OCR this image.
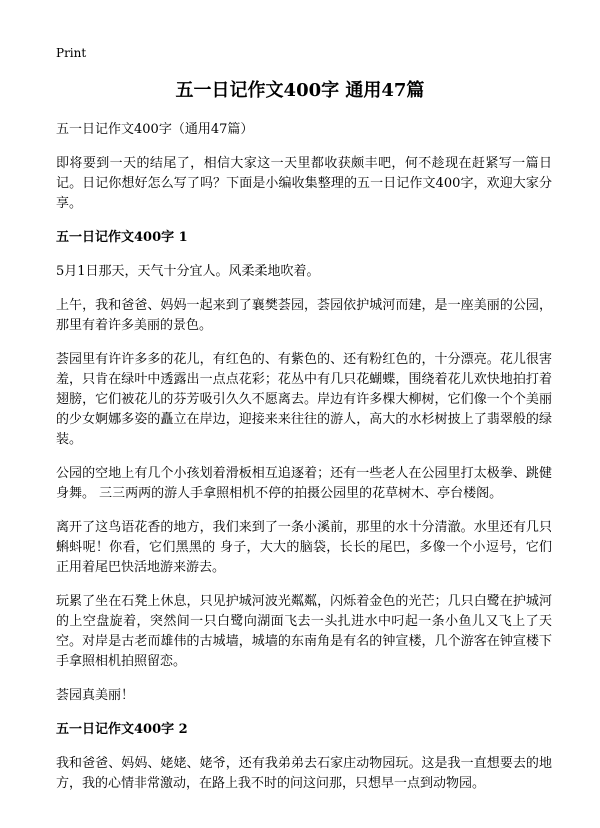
Print
五一日记作文400字 通用47篇
五一日记作文400字（通用47篇）
即将要到一天的结尾了，相信大家这一天里都收获颇丰吧，何不趁现在赶紧写一篇日记。日记你想好怎么写了吗？下面是小编收集整理的五一日记作文400字，欢迎大家分享。
五一日记作文400字 1
5月1日那天，天气十分宜人。风柔柔地吹着。
上午，我和爸爸、妈妈一起来到了襄樊荟园，荟园依护城河而建，是一座美丽的公园，那里有着许多美丽的景色。
荟园里有许许多多的花儿，有红色的、有紫色的、还有粉红色的，十分漂亮。花儿很害羞，只肯在绿叶中透露出一点点花彩；花丛中有几只花蝴蝶，围绕着花儿欢快地拍打着翅膀，它们被花儿的芬芳吸引久久不愿离去。岸边有许多棵大柳树，它们像一个个美丽的少女婀娜多姿的矗立在岸边，迎接来来往往的游人，高大的水杉树披上了翡翠般的绿装。
公园的空地上有几个小孩划着滑板相互追逐着；还有一些老人在公园里打太极拳、跳健身舞。 三三两两的游人手拿照相机不停的拍摄公园里的花草树木、亭台楼阁。
离开了这鸟语花香的地方，我们来到了一条小溪前，那里的水十分清澈。水里还有几只蝌蚪呢！你看，它们黑黑的 身子，大大的脑袋，长长的尾巴，多像一个小逗号，它们正用着尾巴快活地游来游去。
玩累了坐在石凳上休息，只见护城河波光粼粼，闪烁着金色的光芒；几只白鹭在护城河的上空盘旋着，突然间一只白鹭向湖面飞去一头扎进水中叼起一条小鱼儿又飞上了天空。对岸是古老而雄伟的古城墙，城墙的东南角是有名的钟宣楼，几个游客在钟宣楼下手拿照相机拍照留恋。
荟园真美丽！
五一日记作文400字 2
我和爸爸、妈妈、姥姥、姥爷，还有我弟弟去石家庄动物园玩。这是我一直想要去的地方，我的心情非常激动，在路上我不时的问这问那，只想早一点到动物园。
